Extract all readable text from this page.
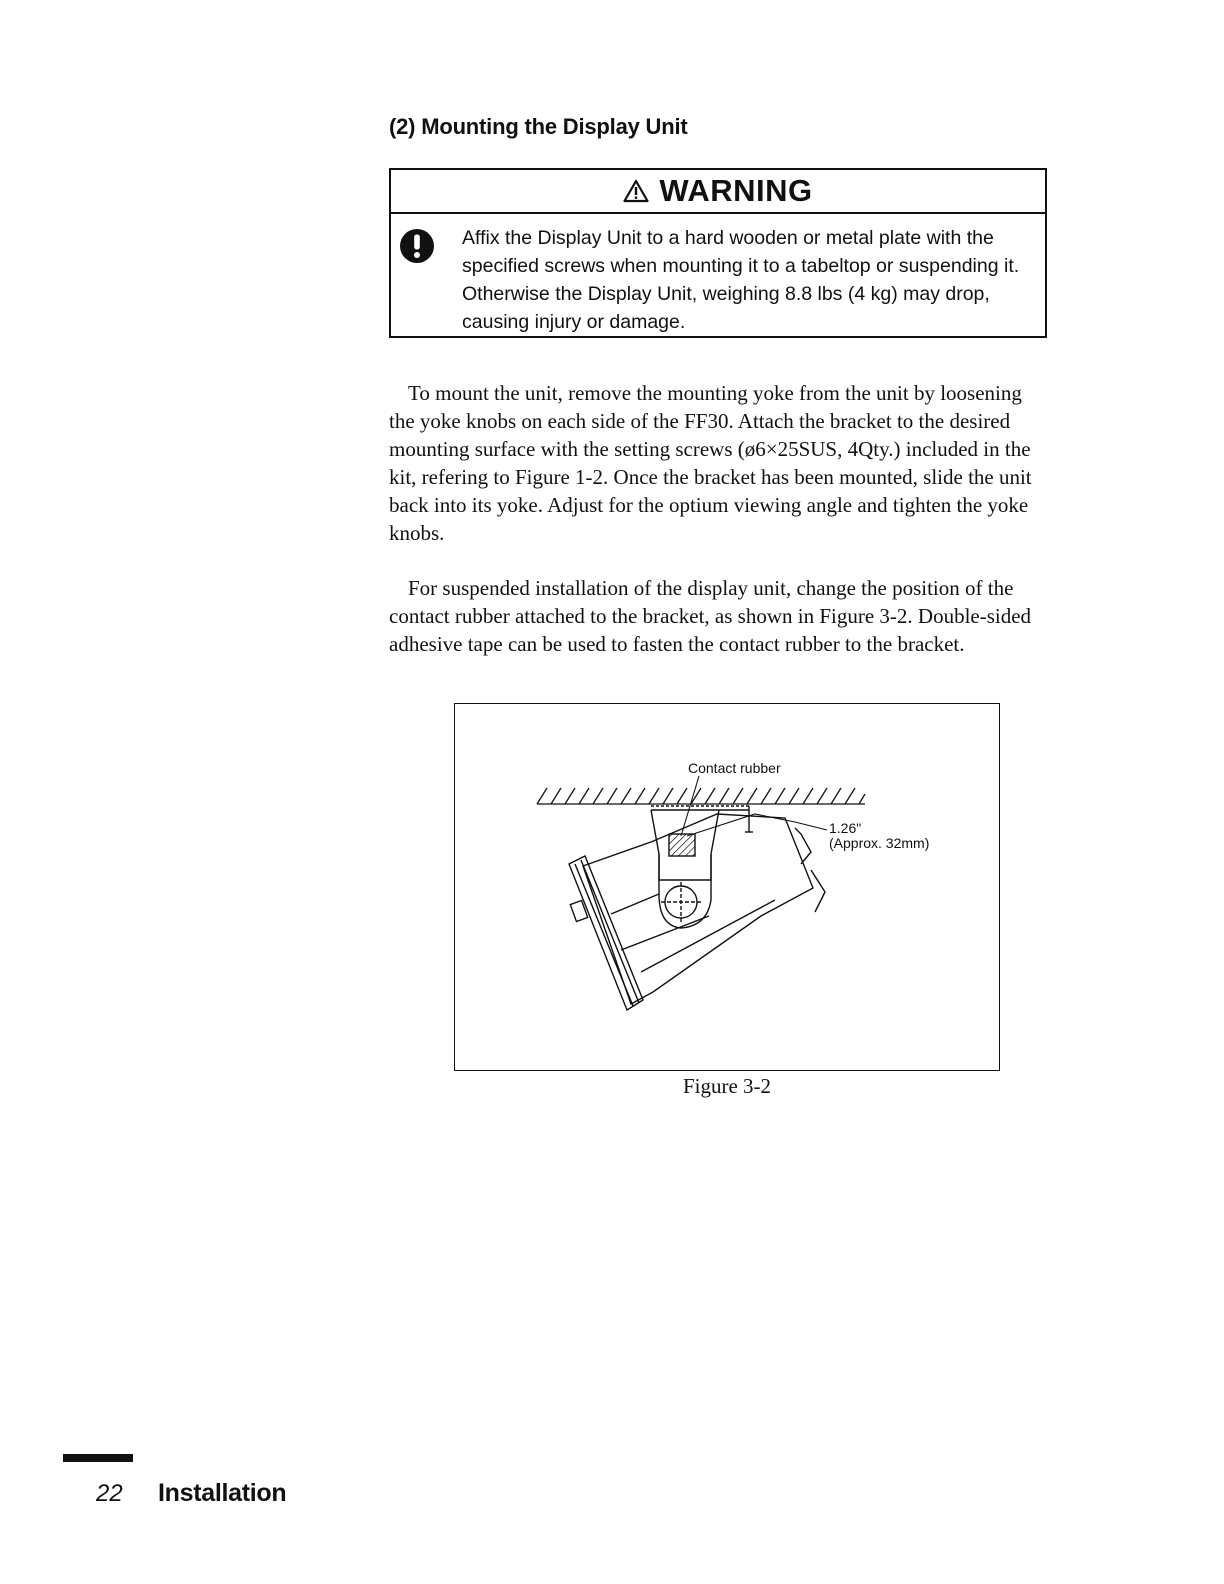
(2) Mounting the Display Unit
WARNING

Affix the Display Unit to a hard wooden or metal plate with the specified screws when mounting it to a tabeltop or suspending it. Otherwise the Display Unit, weighing 8.8 lbs (4 kg) may drop, causing injury or damage.

To mount the unit, remove the mounting yoke from the unit by loosening the yoke knobs on each side of the FF30. Attach the bracket to the desired mounting surface with the setting screws (ø6×25SUS, 4Qty.) included in the kit, refering to Figure 1-2. Once the bracket has been mounted, slide the unit back into its yoke. Adjust for the optium viewing angle and tighten the yoke knobs.

For suspended installation of the display unit, change the position of the contact rubber attached to the bracket, as shown in Figure 3-2. Double-sided adhesive tape can be used to fasten the contact rubber to the bracket.

Contact rubber
1.26"
(Approx. 32mm)

Figure 3-2

22 Installation
